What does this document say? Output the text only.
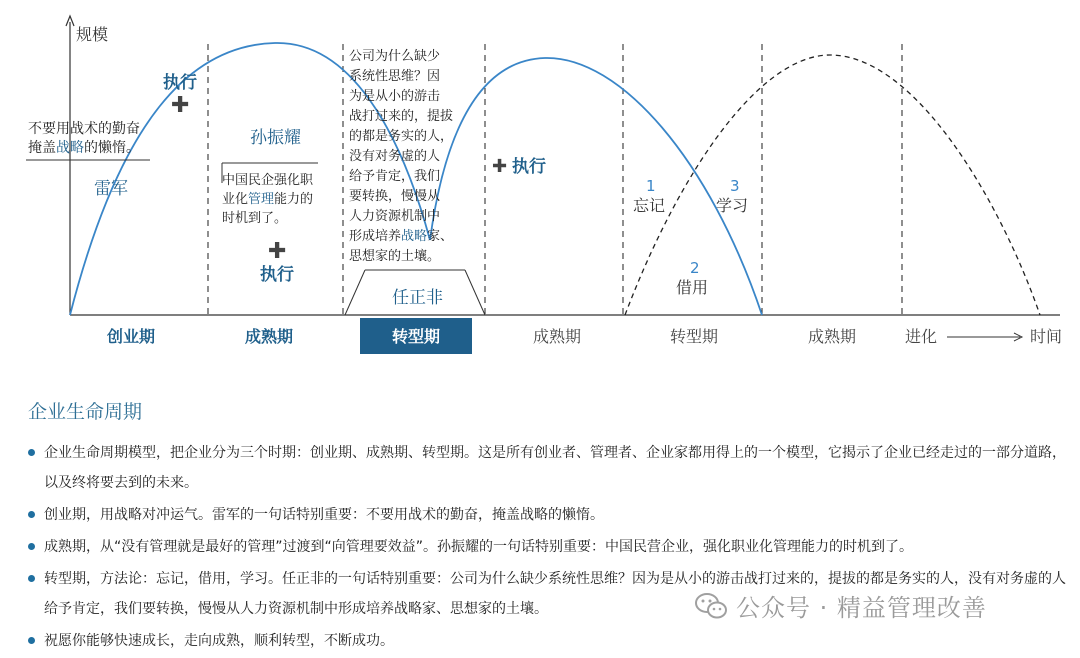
规模
✚
执行
不要用战术的勤奋
掩盖战略的懒惰。
雷军
孙振耀
中国民企强化职
业化管理能力的
时机到了。
✚
执行
公司为什么缺少
系统性思维？因
为是从小的游击
战打过来的，提拔
的都是务实的人，
没有对务虚的人
给予肯定，我们
要转换，慢慢从
人力资源机制中
形成培养战略家、
思想家的土壤。
任正非
✚ 执行
1
忘记
3
学习
2
借用
创业期	成熟期	转型期	成熟期	转型期	成熟期	进化	时间
企业生命周期
企业生命周期模型，把企业分为三个时期：创业期、成熟期、转型期。这是所有创业者、管理者、企业家都用得上的一个模型，它揭示了企业已经走过的一部分道路，以及终将要去到的未来。
创业期，用战略对冲运气。雷军的一句话特别重要：不要用战术的勤奋，掩盖战略的懒惰。
成熟期，从“没有管理就是最好的管理”过渡到“向管理要效益”。孙振耀的一句话特别重要：中国民营企业，强化职业化管理能力的时机到了。
转型期，方法论：忘记，借用，学习。任正非的一句话特别重要：公司为什么缺少系统性思维？因为是从小的游击战打过来的，提拔的都是务实的人，没有对务虚的人给予肯定，我们要转换，慢慢从人力资源机制中形成培养战略家、思想家的土壤。
祝愿你能够快速成长，走向成熟，顺利转型，不断成功。
公众号 · 精益管理改善
